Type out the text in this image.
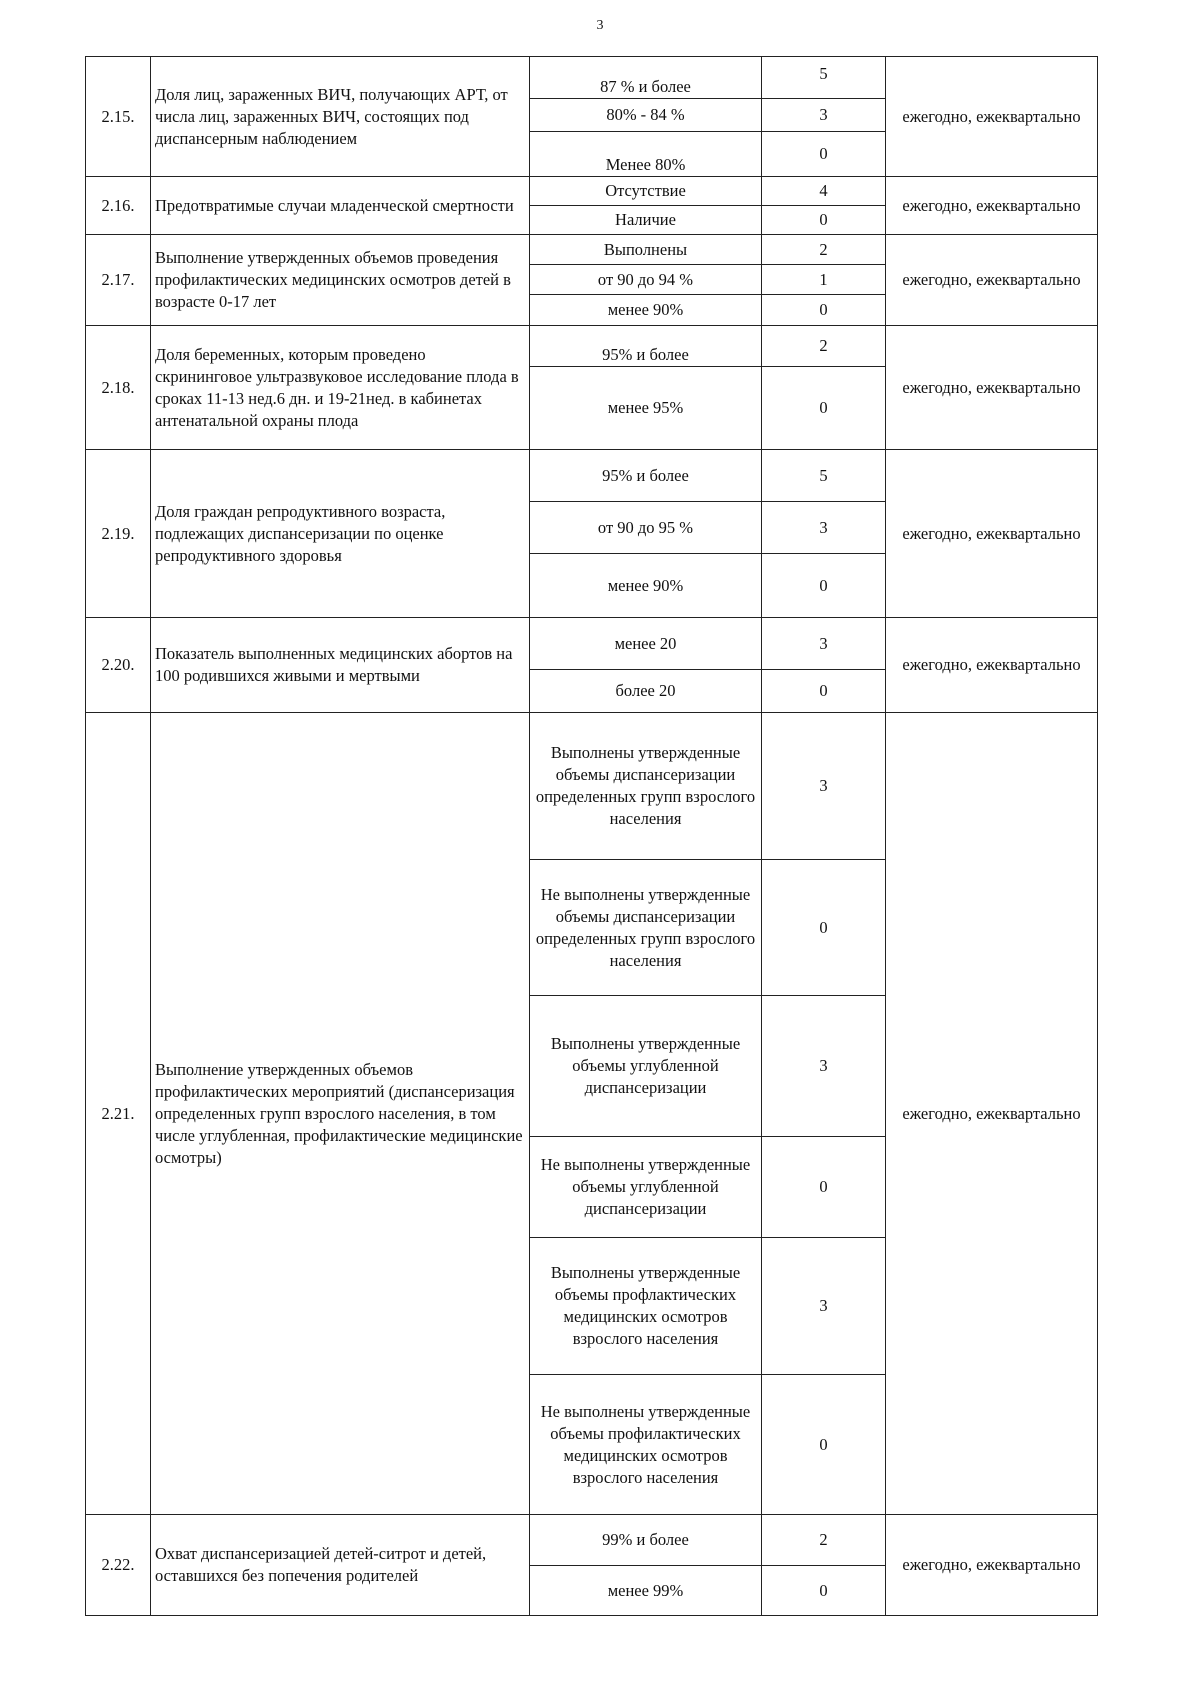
3
2.15.	Доля лиц, зараженных ВИЧ, получающих АРТ, от числа лиц, зараженных ВИЧ, состоящих под диспансерным наблюдением	87 % и более	5	ежегодно, ежеквартально
		80% - 84 %	3	
		Менее 80%	0	
2.16.	Предотвратимые случаи младенческой смертности	Отсутствие	4	ежегодно, ежеквартально
		Наличие	0	
2.17.	Выполнение утвержденных объемов проведения профилактических медицинских осмотров детей в возрасте 0-17 лет	Выполнены	2	ежегодно, ежеквартально
		от 90 до 94 %	1	
		менее 90%	0	
2.18.	Доля беременных, которым проведено скрининговое ультразвуковое исследование плода в сроках 11-13 нед.6 дн. и 19-21нед. в кабинетах антенатальной охраны плода	95% и более	2	ежегодно, ежеквартально
		менее 95%	0	
2.19.	Доля граждан репродуктивного возраста, подлежащих диспансеризации по оценке репродуктивного здоровья	95% и более	5	ежегодно, ежеквартально
		от 90 до 95 %	3	
		менее 90%	0	
2.20.	Показатель выполненных медицинских абортов на 100 родившихся живыми и мертвыми	менее 20	3	ежегодно, ежеквартально
		более 20	0	
2.21.	Выполнение утвержденных объемов профилактических мероприятий (диспансеризация определенных групп взрослого населения, в том числе углубленная, профилактические медицинские осмотры)	Выполнены утвержденные объемы диспансеризации определенных групп взрослого населения	3	ежегодно, ежеквартально
		Не выполнены утвержденные объемы диспансеризации определенных групп взрослого населения	0	
		Выполнены утвержденные объемы углубленной диспансеризации	3	
		Не выполнены утвержденные объемы углубленной диспансеризации	0	
		Выполнены утвержденные объемы профлактических медицинских осмотров взрослого населения	3	
		Не выполнены утвержденные объемы профилактических медицинских осмотров взрослого населения	0	
2.22.	Охват диспансеризацией детей-ситрот и детей, оставшихся без попечения родителей	99% и более	2	ежегодно, ежеквартально
		менее 99%	0	
